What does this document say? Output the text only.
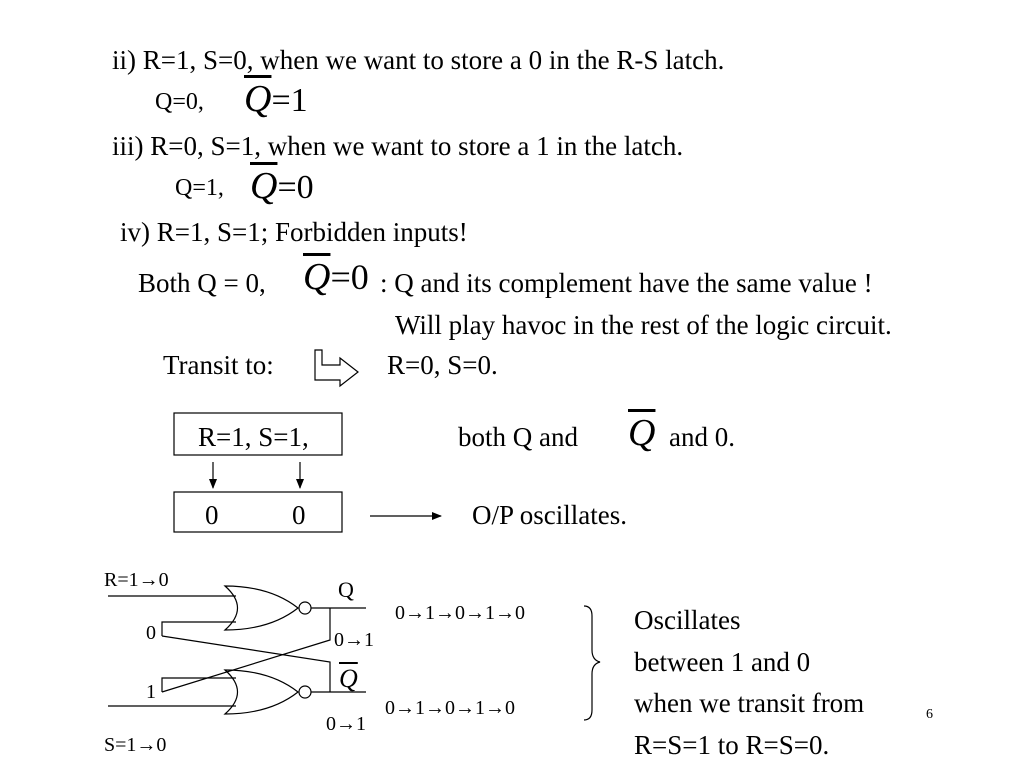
ii) R=1, S=0, when we want to store a 0 in the R-S latch.
Q=0, $\overline{Q}=1$
iii) R=0, S=1, when we want to store a 1 in the latch.
Q=1, $\overline{Q}=0$
iv) R=1, S=1; Forbidden inputs!
Both Q = 0, $\overline{Q}=0$ : Q and its complement have the same value !
Will play havoc in the rest of the logic circuit.
Transit to:	R=0, S=0.
R=1, S=1,	both Q and $\overline{Q}$ and 0.
0	0	O/P oscillates.
R=1→0
S=1→0
0
1
Q
$\overline{Q}$
0→1→0→1→0
0→1→0→1→0
0→1
0→1
Oscillates
between 1 and 0
when we transit from
R=S=1 to R=S=0.
6
